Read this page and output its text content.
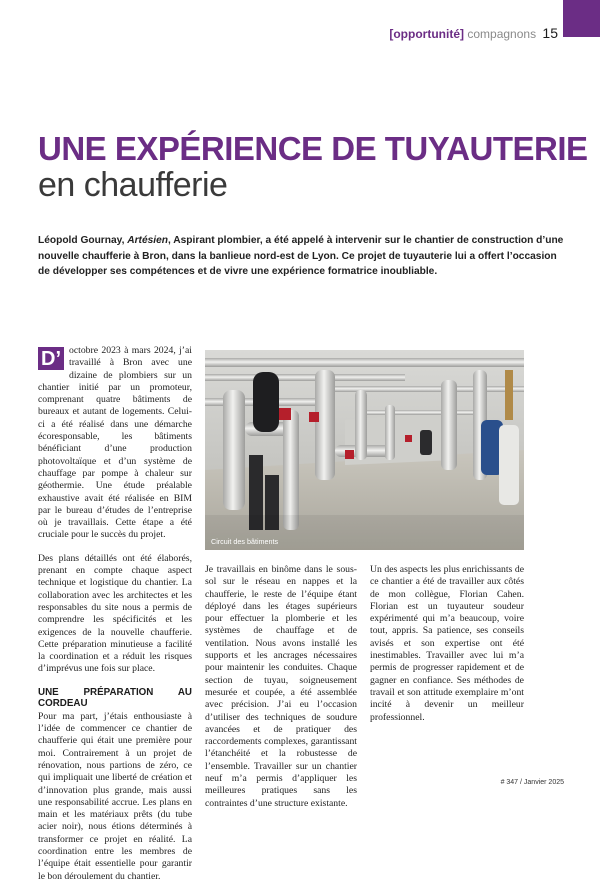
[opportunité] compagnons 15
UNE EXPÉRIENCE DE TUYAUTERIE
en chaufferie
Léopold Gournay, Artésien, Aspirant plombier, a été appelé à intervenir sur le chantier de construction d’une nouvelle chaufferie à Bron, dans la banlieue nord-est de Lyon. Ce projet de tuyauterie lui a offert l’occasion de développer ses compétences et de vivre une expérience formatrice inoubliable.

D’ octobre 2023 à mars 2024, j’ai travaillé à Bron avec une dizaine de plombiers sur un chantier initié par un promoteur, comprenant quatre bâtiments de bureaux et autant de logements. Celui-ci a été réalisé dans une démarche écoresponsable, les bâtiments bénéficiant d’une production photovoltaïque et d’un système de chauffage par pompe à chaleur sur géothermie. Une étude préalable exhaustive avait été réalisée en BIM par le bureau d’études de l’entreprise où je travaillais. Cette étape a été cruciale pour le succès du projet.

Des plans détaillés ont été élaborés, prenant en compte chaque aspect technique et logistique du chantier. La collaboration avec les architectes et les responsables du site nous a permis de comprendre les spécificités et les exigences de la nouvelle chaufferie. Cette préparation minutieuse a facilité la coordination et a réduit les risques d’imprévus une fois sur place.

UNE PRÉPARATION AU CORDEAU

Pour ma part, j’étais enthousiaste à l’idée de commencer ce chantier de chaufferie qui était une première pour moi. Contrairement à un projet de rénovation, nous partions de zéro, ce qui impliquait une liberté de création et d’innovation plus grande, mais aussi une responsabilité accrue. Les plans en main et les matériaux prêts (du tube acier noir), nous étions déterminés à transformer ce projet en réalité. La coordination entre les membres de l’équipe était essentielle pour garantir le bon déroulement du chantier.

Circuit des bâtiments

Je travaillais en binôme dans le sous-sol sur le réseau en nappes et la chaufferie, le reste de l’équipe étant déployé dans les étages supérieurs pour effectuer la plomberie et les systèmes de chauffage et de ventilation. Nous avons installé les supports et les ancrages nécessaires pour maintenir les conduites. Chaque section de tuyau, soigneusement mesurée et coupée, a été assemblée avec précision. J’ai eu l’occasion d’utiliser des techniques de soudure avancées et de pratiquer des raccordements complexes, garantissant l’étanchéité et la robustesse de l’ensemble. Travailler sur un chantier neuf m’a permis d’appliquer les meilleures pratiques sans les contraintes d’une structure existante.

Un des aspects les plus enrichissants de ce chantier a été de travailler aux côtés de mon collègue, Florian Cahen. Florian est un tuyauteur soudeur expérimenté qui m’a beaucoup, voire tout, appris. Sa patience, ses conseils avisés et son expertise ont été inestimables. Travailler avec lui m’a permis de progresser rapidement et de gagner en confiance. Ses méthodes de travail et son attitude exemplaire m’ont incité à devenir un meilleur professionnel.

# 347 / Janvier 2025
